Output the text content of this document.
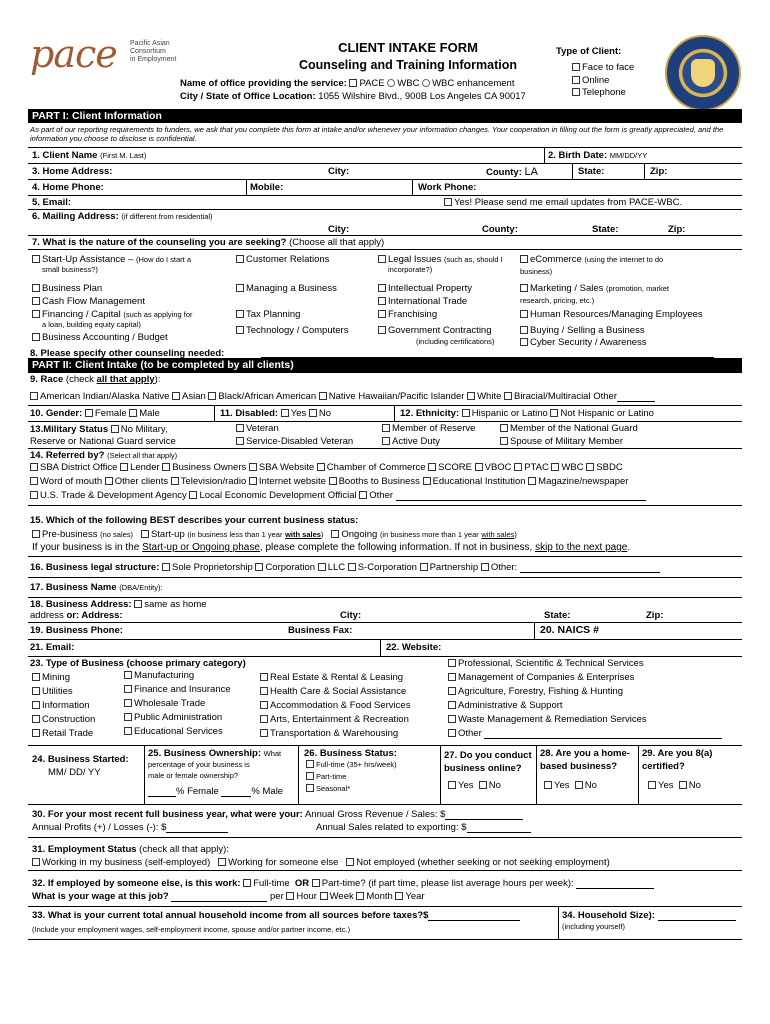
pace Pacific Asian
Consortium
in Employment
CLIENT INTAKE FORM
Counseling and Training Information
Name of office providing the service: PACE WBC WBC enhancement
City / State of Office Location: 1055 Wilshire Blvd., 900B Los Angeles CA 90017
Type of Client:
Face to face
Online
Telephone
PART I: Client Information
As part of our reporting requirements to funders, we ask that you complete this form at intake and/or whenever your information changes. Your cooperation in filling out the form is greatly appreciated, and the information you choose to disclose is confidential.
1. Client Name (First M. Last)	2. Birth Date: MM/DD/YY
3. Home Address:	City:	County: LA	State:	Zip:
4. Home Phone:	Mobile:	Work Phone:
5. Email:	Yes! Please send me email updates from PACE-WBC.
6. Mailing Address: (if different from residential)
City:	County:	State:	Zip:
7. What is the nature of the counseling you are seeking? (Choose all that apply)
Start-Up Assistance – (How do I start a
small business?)
Business Plan
Cash Flow Management
Financing / Capital (such as applying for
a loan, building equity capital)
Business Accounting / Budget
Customer Relations
Managing a Business
Tax Planning
Technology / Computers
Legal Issues (such as, should I
incorporate?)
Intellectual Property
International Trade
Franchising
Government Contracting
(including certifications)
eCommerce (using the internet to do
business)
Marketing / Sales (promotion, market
research, pricing, etc.)
Human Resources/Managing Employees
Buying / Selling a Business
Cyber Security / Awareness
8. Please specify other counseling needed:
PART II: Client Intake (to be completed by all clients)
9. Race (check all that apply):
American Indian/Alaska Native Asian Black/African American Native Hawaiian/Pacific Islander White Biracial/Multiracial Other
10. Gender: Female Male	11. Disabled: Yes No	12. Ethnicity: Hispanic or Latino Not Hispanic or Latino
13.Military Status No Military,
Reserve or National Guard service
Veteran
Service-Disabled Veteran
Member of Reserve
Active Duty
Member of the National Guard
Spouse of Military Member
14. Referred by? (Select all that apply)
SBA District Office Lender Business Owners SBA Website Chamber of Commerce SCORE VBOC PTAC WBC SBDC
Word of mouth Other clients Television/radio Internet website Booths to Business Educational Institution Magazine/newspaper
U.S. Trade & Development Agency Local Economic Development Official Other
15. Which of the following BEST describes your current business status:
Pre-business (no sales) Start-up (in business less than 1 year with sales) Ongoing (in business more than 1 year with sales)
If your business is in the Start-up or Ongoing phase, please complete the following information. If not in business, skip to the next page.
16. Business legal structure: Sole Proprietorship Corporation LLC S-Corporation Partnership Other:
17. Business Name (DBA/Entity):
18. Business Address: same as home
address or: Address:	City:	State:	Zip:
19. Business Phone:	Business Fax:	20. NAICS #
21. Email:	22. Website:
23. Type of Business (choose primary category)
Mining
Utilities
Information
Construction
Retail Trade
Manufacturing
Finance and Insurance
Wholesale Trade
Public Administration
Educational Services
Real Estate & Rental & Leasing
Health Care & Social Assistance
Accommodation & Food Services
Arts, Entertainment & Recreation
Transportation & Warehousing
Professional, Scientific & Technical Services
Management of Companies & Enterprises
Agriculture, Forestry, Fishing & Hunting
Administrative & Support
Waste Management & Remediation Services
Other
24. Business Started:
MM/ DD/ YY
25. Business Ownership: What
percentage of your business is
male or female ownership?
% Female	% Male
26. Business Status:
Full-time (35+ hrs/week)
Part-time
Seasonal*
27. Do you conduct
business online?
Yes No
28. Are you a home-
based business?
Yes No
29. Are you 8(a)
certified?
Yes No
30. For your most recent full business year, what were your: Annual Gross Revenue / Sales: $
Annual Profits (+) / Losses (-): $	Annual Sales related to exporting: $
31. Employment Status (check all that apply):
Working in my business (self-employed) Working for someone else Not employed (whether seeking or not seeking employment)
32. If employed by someone else, is this work: Full-time OR Part-time? (if part time, please list average hours per week):
What is your wage at this job?	per Hour Week Month Year
33. What is your current total annual household income from all sources before taxes?$
(Include your employment wages, self-employment income, spouse and/or partner income, etc.)
34. Household Size):
(including yourself)
